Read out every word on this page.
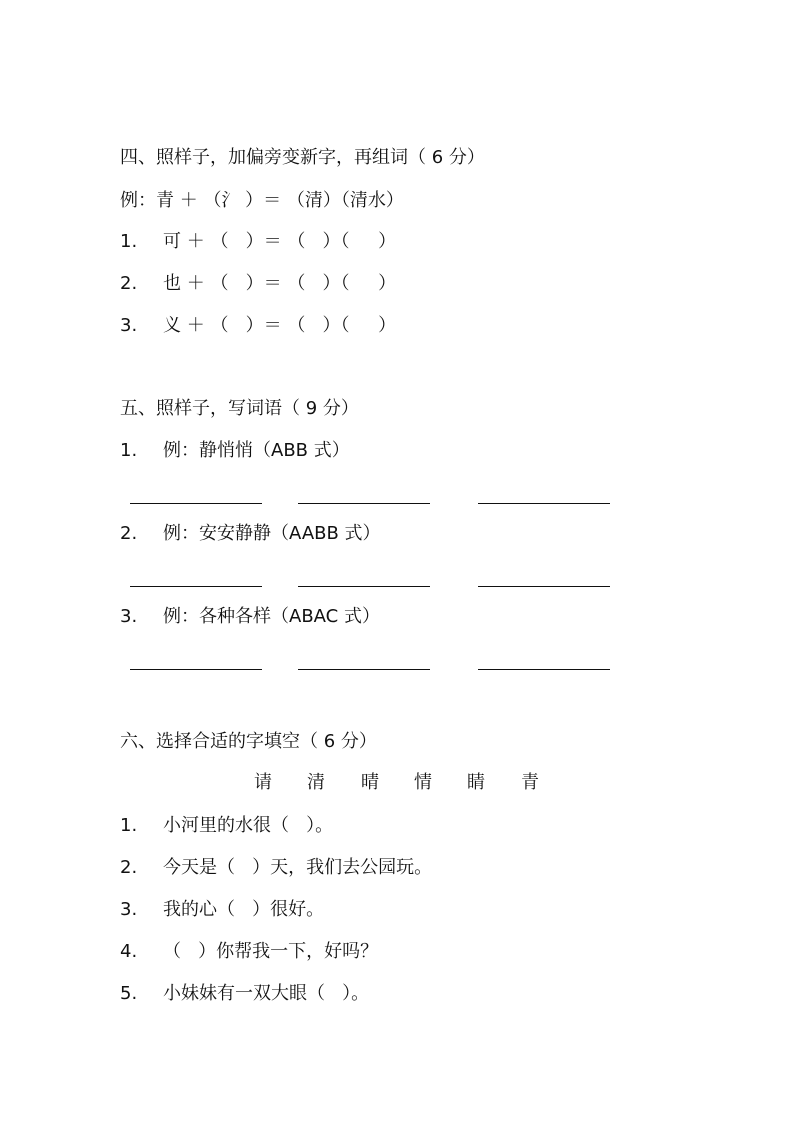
四、照样子，加偏旁变新字，再组词（ 6 分）
例：青 ＋ （氵 ）＝ （清）（清水）
1. 可 ＋ （   ）＝ （   ）（     ）
2. 也 ＋ （   ）＝ （   ）（     ）
3. 义 ＋ （   ）＝ （   ）（     ）
五、照样子，写词语（ 9 分）
1. 例：静悄悄（ABB 式）
2. 例：安安静静（AABB 式）
3. 例：各种各样（ABAC 式）
六、选择合适的字填空（ 6 分）
请 清 晴 情 睛 青
1. 小河里的水很（   ）。
2. 今天是（   ）天，我们去公园玩。
3. 我的心（   ）很好。
4. （   ）你帮我一下，好吗？
5. 小妹妹有一双大眼（   ）。
